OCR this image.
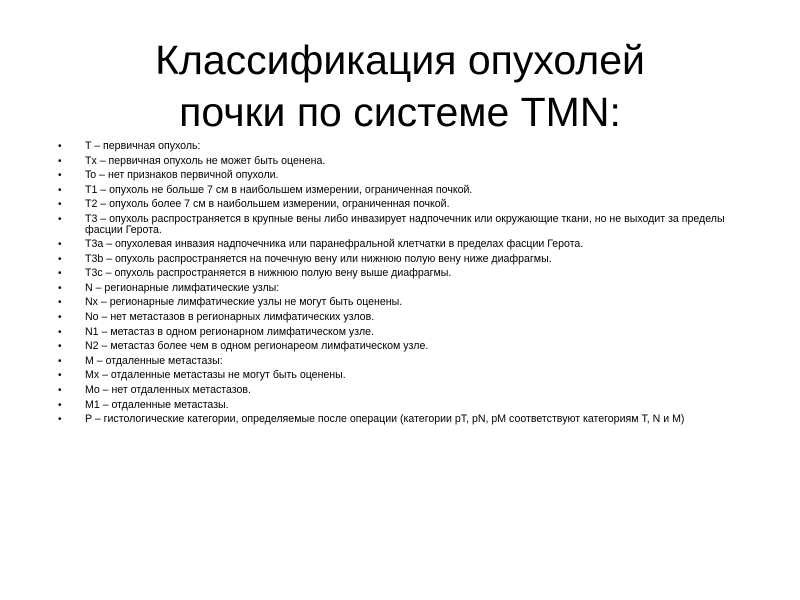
Классификация опухолей
почки по системе TMN:
• T – первичная опухоль:
• Tx – первичная опухоль не может быть оценена.
• To – нет признаков первичной опухоли.
• T1 – опухоль не больше 7 см в наибольшем измерении, ограниченная почкой.
• T2 – опухоль более 7 см в наибольшем измерении, ограниченная почкой.
• T3 – опухоль распространяется в крупные вены либо инвазирует надпочечник или окружающие ткани, но не выходит за пределы фасции Герота.
• T3a – опухолевая инвазия надпочечника или паранефральной клетчатки в пределах фасции Герота.
• T3b – опухоль распространяется на почечную вену или нижнюю полую вену ниже диафрагмы.
• T3c – опухоль распространяется в нижнюю полую вену выше диафрагмы.
• N – регионарные лимфатические узлы:
• Nx – регионарные лимфатические узлы не могут быть оценены.
• No – нет метастазов в регионарных лимфатических узлов.
• N1 – метастаз в одном регионарном лимфатическом узле.
• N2 – метастаз более чем в одном регионареом лимфатическом узле.
• M – отдаленные метастазы:
• Mx – отдаленные метастазы не могут быть оценены.
• Mo – нет отдаленных метастазов.
• M1 – отдаленные метастазы.
• P – гистологические категории, определяемые после операции (категории pT, pN, pM соответствуют категориям T, N и M)
